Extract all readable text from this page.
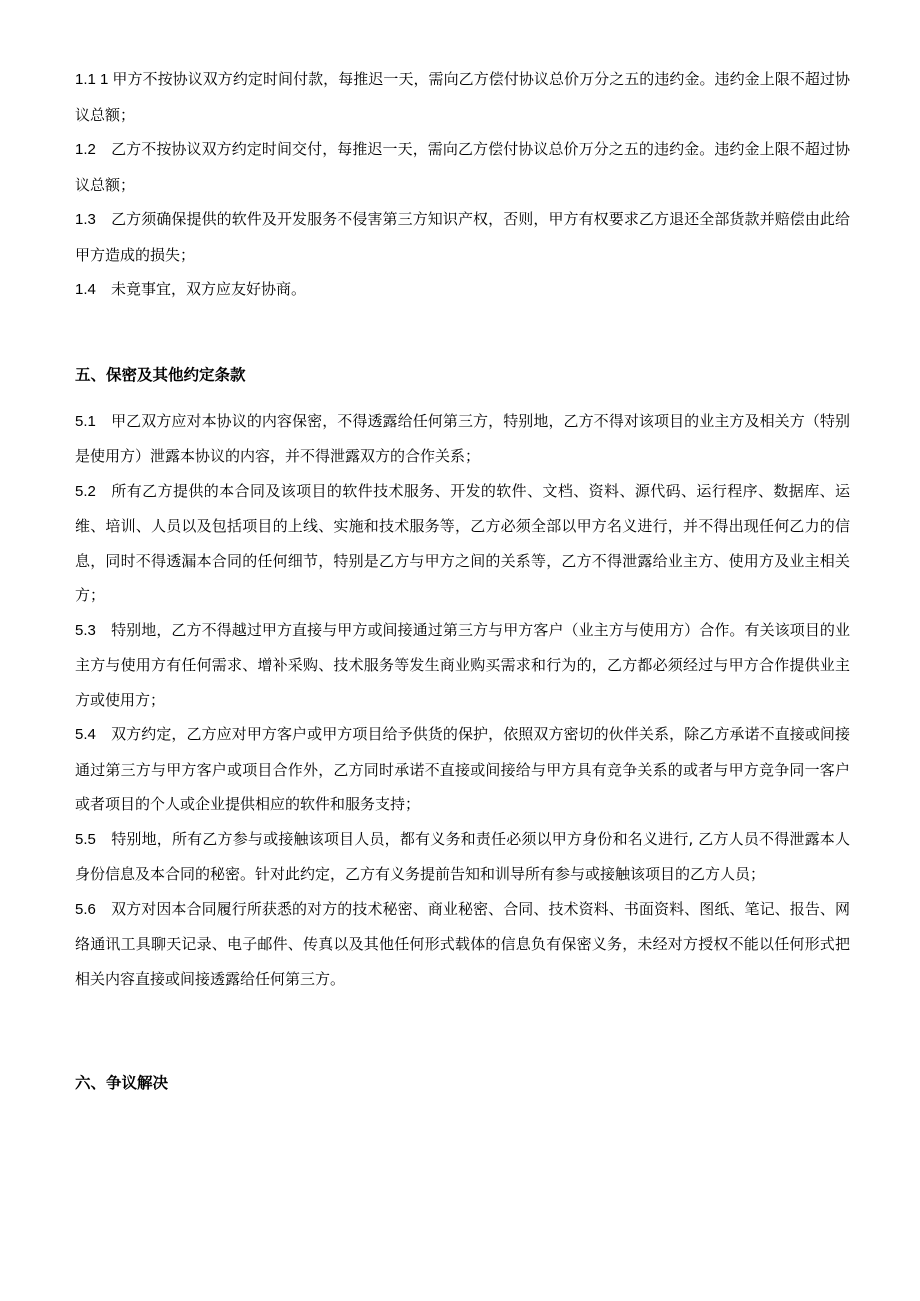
1.1 1 甲方不按协议双方约定时间付款，每推迟一天，需向乙方偿付协议总价万分之五的违约金。违约金上限不超过协议总额；

1.2 乙方不按协议双方约定时间交付，每推迟一天，需向乙方偿付协议总价万分之五的违约金。违约金上限不超过协议总额；

1.3 乙方须确保提供的软件及开发服务不侵害第三方知识产权，否则，甲方有权要求乙方退还全部货款并赔偿由此给甲方造成的损失；

1.4 未竟事宜，双方应友好协商。

五、保密及其他约定条款

5.1 甲乙双方应对本协议的内容保密，不得透露给任何第三方，特别地，乙方不得对该项目的业主方及相关方（特别是使用方）泄露本协议的内容，并不得泄露双方的合作关系；

5.2 所有乙方提供的本合同及该项目的软件技术服务、开发的软件、文档、资料、源代码、运行程序、数据库、运维、培训、人员以及包括项目的上线、实施和技术服务等，乙方必须全部以甲方名义进行，并不得出现任何乙力的信息，同时不得透漏本合同的任何细节，特别是乙方与甲方之间的关系等，乙方不得泄露给业主方、使用方及业主相关方；

5.3 特别地，乙方不得越过甲方直接与甲方或间接通过第三方与甲方客户（业主方与使用方）合作。有关该项目的业主方与使用方有任何需求、增补采购、技术服务等发生商业购买需求和行为的，乙方都必须经过与甲方合作提供业主方或使用方；

5.4 双方约定，乙方应对甲方客户或甲方项目给予供货的保护，依照双方密切的伙伴关系，除乙方承诺不直接或间接通过第三方与甲方客户或项目合作外，乙方同时承诺不直接或间接给与甲方具有竞争关系的或者与甲方竞争同一客户或者项目的个人或企业提供相应的软件和服务支持；

5.5 特别地，所有乙方参与或接触该项目人员，都有义务和责任必须以甲方身份和名义进行, 乙方人员不得泄露本人身份信息及本合同的秘密。针对此约定，乙方有义务提前告知和训导所有参与或接触该项目的乙方人员；

5.6 双方对因本合同履行所获悉的对方的技术秘密、商业秘密、合同、技术资料、书面资料、图纸、笔记、报告、网络通讯工具聊天记录、电子邮件、传真以及其他任何形式载体的信息负有保密义务，未经对方授权不能以任何形式把相关内容直接或间接透露给任何第三方。

六、争议解决
